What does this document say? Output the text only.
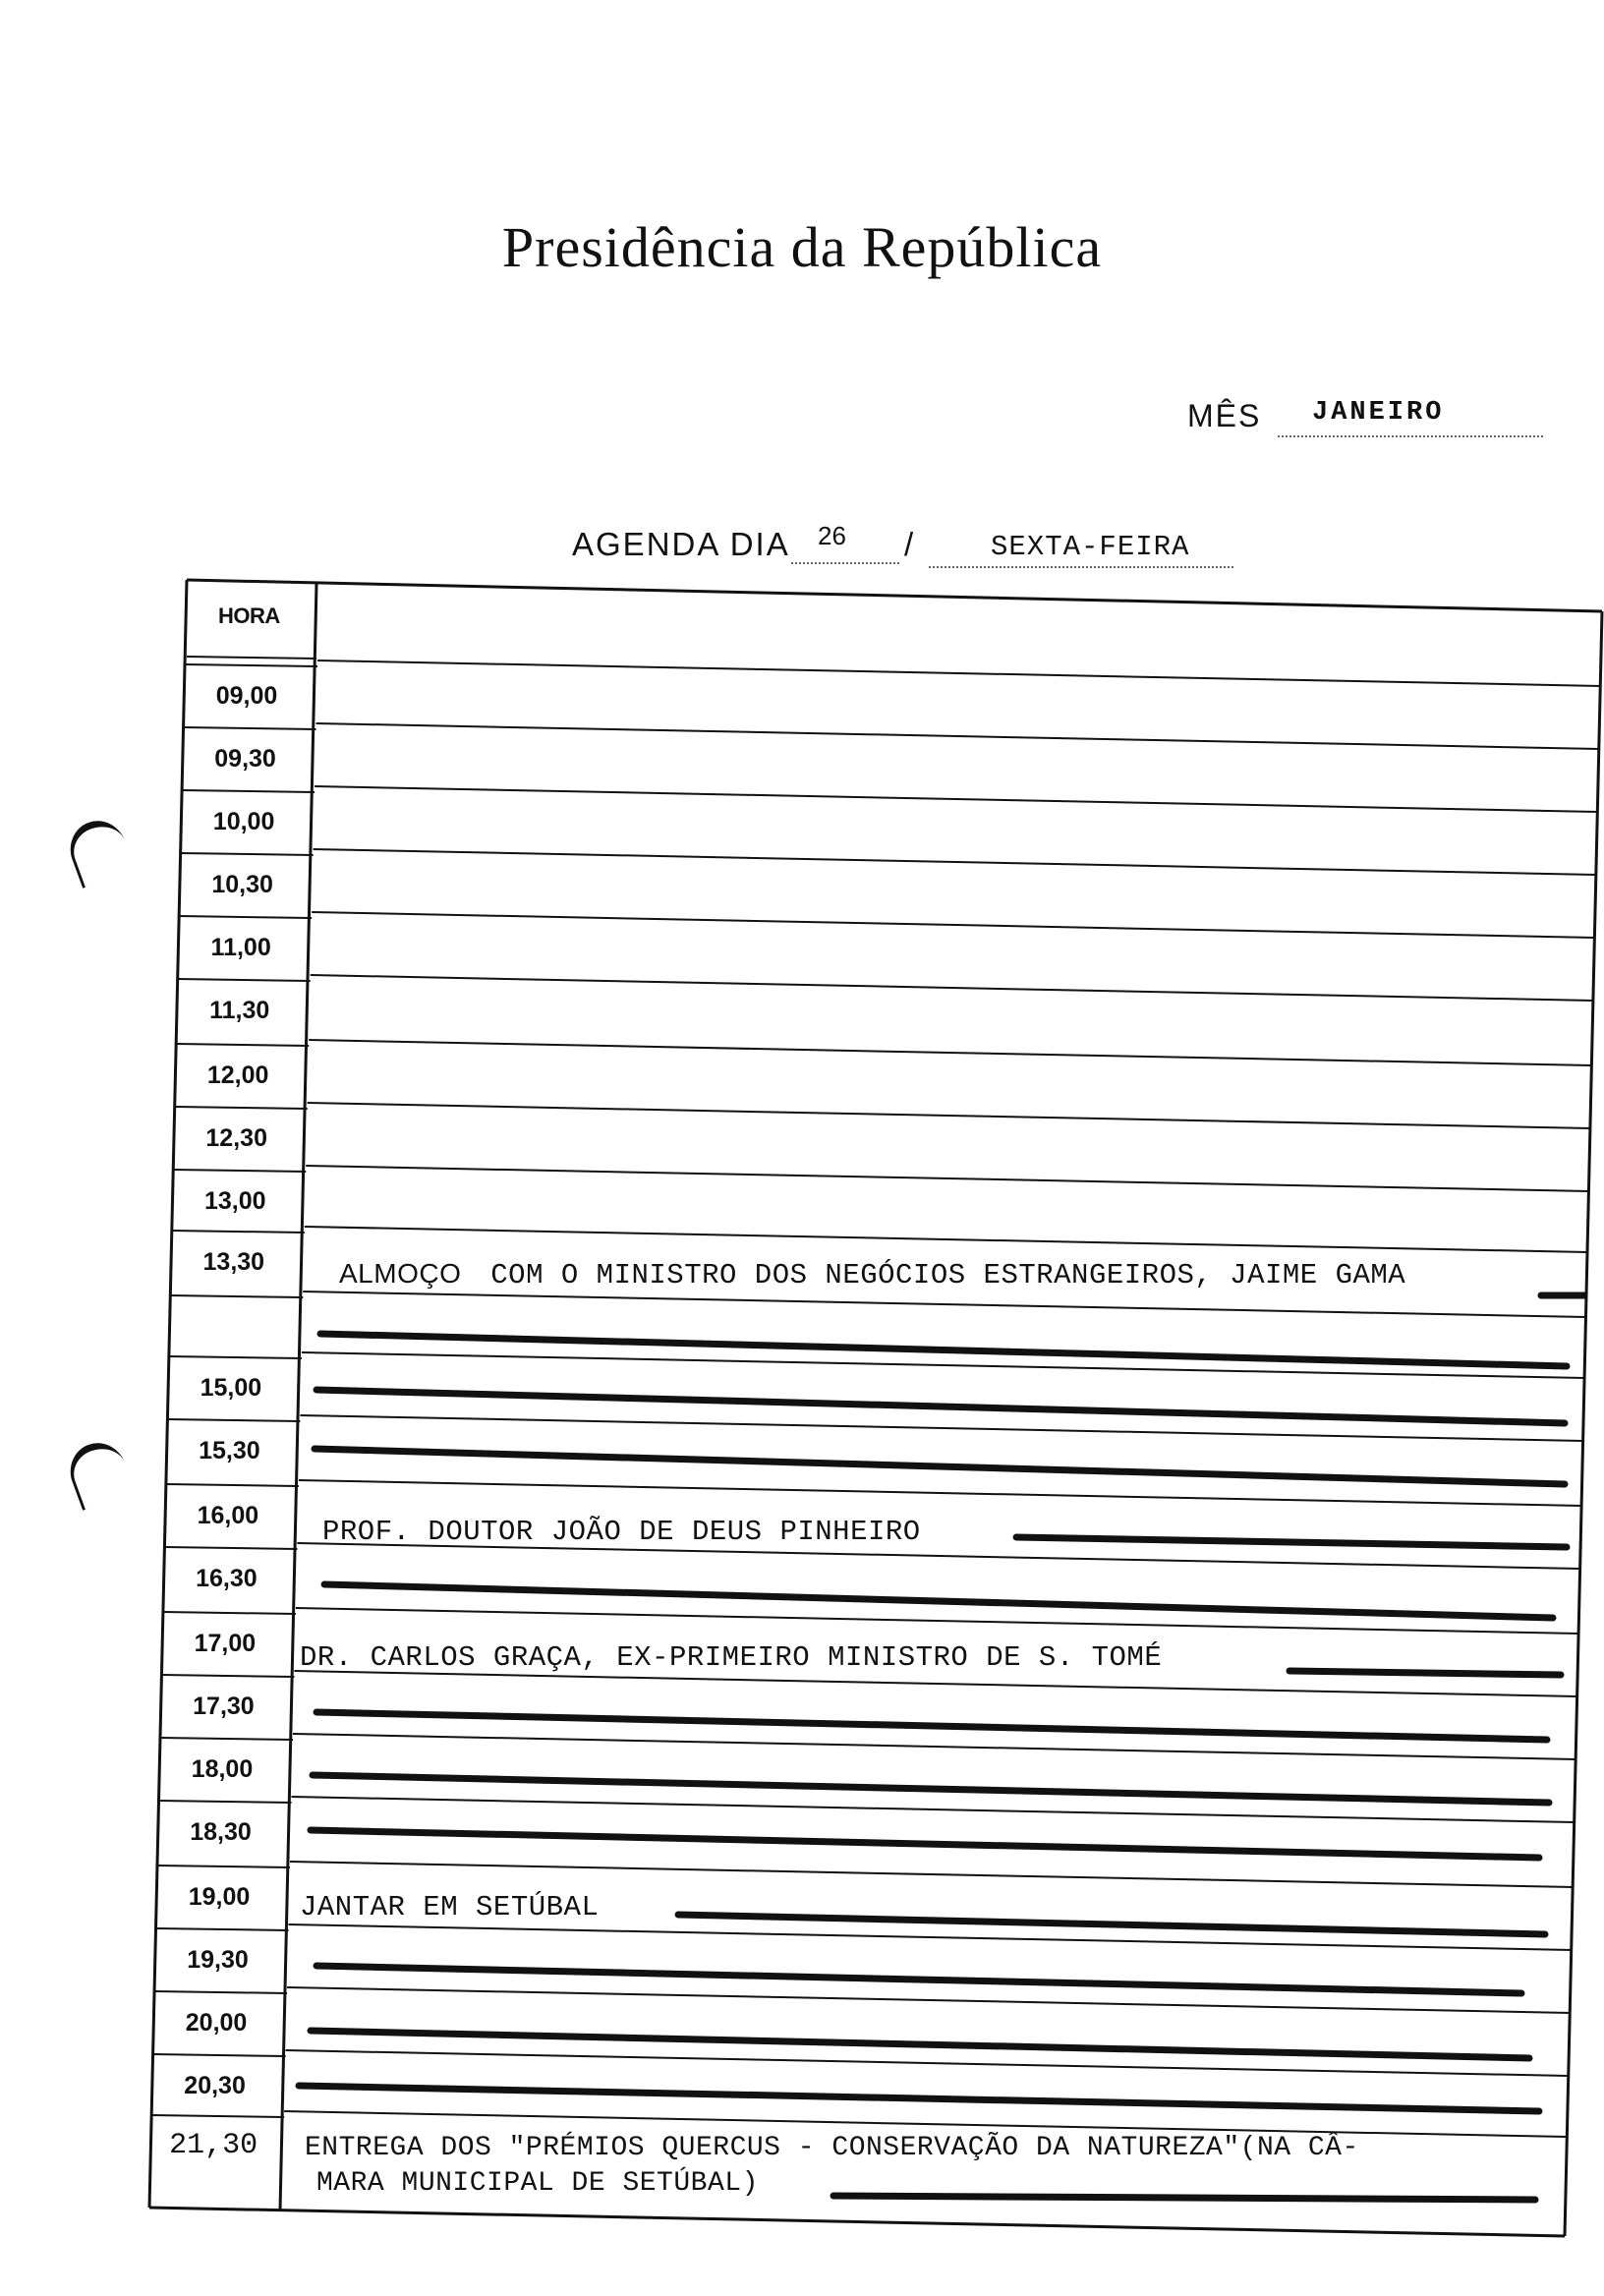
Presidência da República
MÊS JANEIRO
AGENDA DIA 26 /	SEXTA-FEIRA
HORA
09,00
09,30
10,00
10,30
11,00
11,30
12,00
12,30
13,00
13,30
15,00
15,30
16,00
16,30
17,00
17,30
18,00
18,30
19,00
19,30
20,00
20,30
21,30
ALMOÇO COM O MINISTRO DOS NEGÓCIOS ESTRANGEIROS, JAIME GAMA
PROF. DOUTOR JOÃO DE DEUS PINHEIRO
DR. CARLOS GRAÇA, EX-PRIMEIRO MINISTRO DE S. TOMÉ
JANTAR EM SETÚBAL
ENTREGA DOS "PRÉMIOS QUERCUS - CONSERVAÇÃO DA NATUREZA"(NA CÂ-
MARA MUNICIPAL DE SETÚBAL)
